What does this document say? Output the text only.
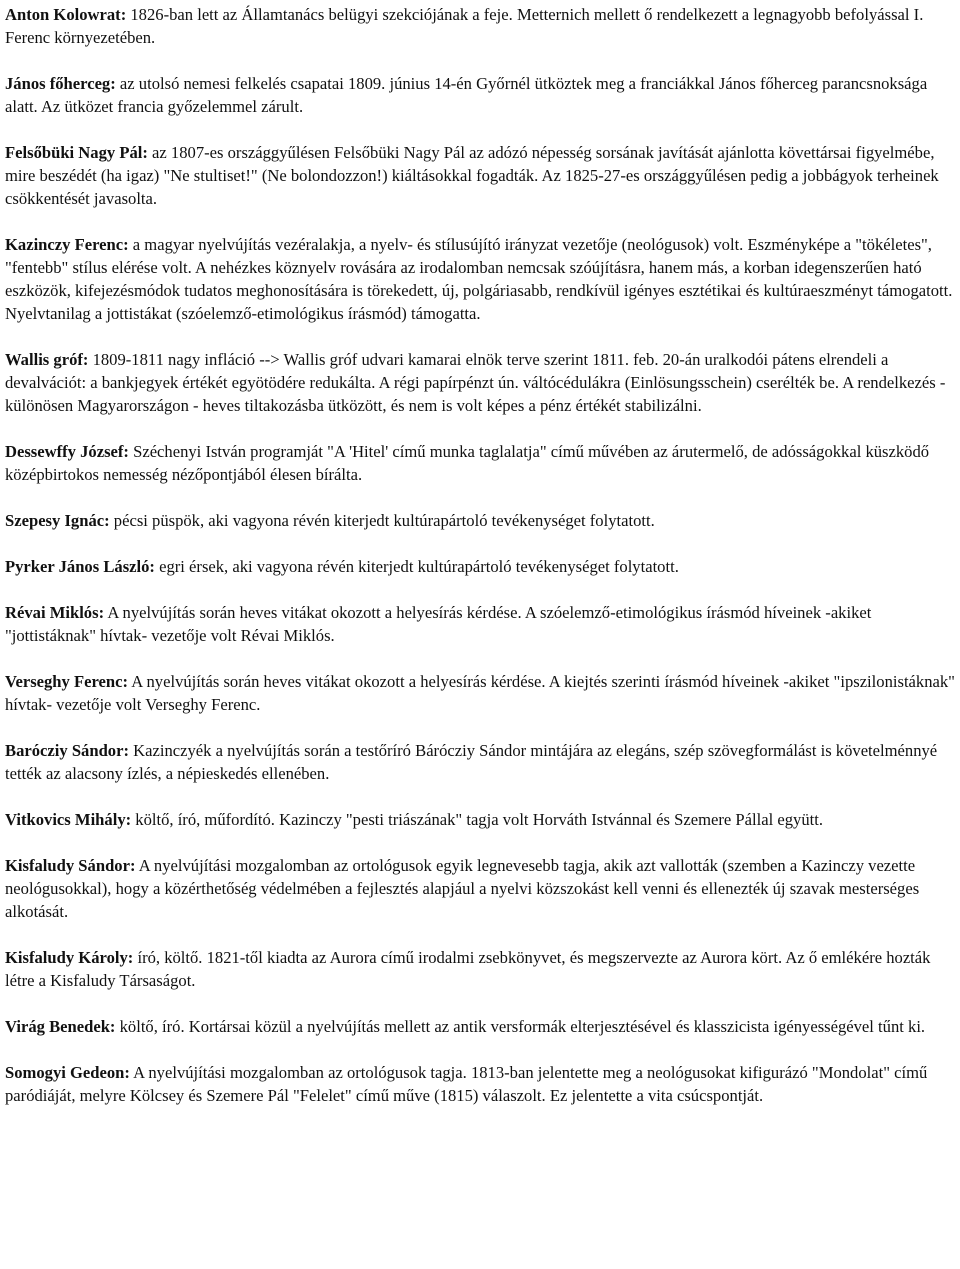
Anton Kolowrat: 1826-ban lett az Államtanács belügyi szekciójának a feje. Metternich mellett ő rendelkezett a legnagyobb befolyással I. Ferenc környezetében.

János főherceg: az utolsó nemesi felkelés csapatai 1809. június 14-én Győrnél ütköztek meg a franciákkal János főherceg parancsnoksága alatt. Az ütközet francia győzelemmel zárult.

Felsőbüki Nagy Pál: az 1807-es országgyűlésen Felsőbüki Nagy Pál az adózó népesség sorsának javítását ajánlotta követtársai figyelmébe, mire beszédét (ha igaz) "Ne stultiset!" (Ne bolondozzon!) kiáltásokkal fogadták. Az 1825-27-es országgyűlésen pedig a jobbágyok terheinek csökkentését javasolta.

Kazinczy Ferenc: a magyar nyelvújítás vezéralakja, a nyelv- és stílusújító irányzat vezetője (neológusok) volt. Eszményképe a "tökéletes", "fentebb" stílus elérése volt. A nehézkes köznyelv rovására az irodalomban nemcsak szóújításra, hanem más, a korban idegenszerűen ható eszközök, kifejezésmódok tudatos meghonosítására is törekedett, új, polgáriasabb, rendkívül igényes esztétikai és kultúraeszményt támogatott. Nyelvtanilag a jottistákat (szóelemző-etimológikus írásmód) támogatta.

Wallis gróf: 1809-1811 nagy infláció --> Wallis gróf udvari kamarai elnök terve szerint 1811. feb. 20-án uralkodói pátens elrendeli a devalvációt: a bankjegyek értékét egyötödére redukálta. A régi papírpénzt ún. váltócédulákra (Einlösungsschein) cserélték be. A rendelkezés - különösen Magyarországon - heves tiltakozásba ütközött, és nem is volt képes a pénz értékét stabilizálni.

Dessewffy József: Széchenyi István programját "A 'Hitel' című munka taglalatja" című művében az árutermelő, de adósságokkal küszködő középbirtokos nemesség nézőpontjából élesen bírálta.

Szepesy Ignác: pécsi püspök, aki vagyona révén kiterjedt kultúrapártoló tevékenységet folytatott.

Pyrker János László: egri érsek, aki vagyona révén kiterjedt kultúrapártoló tevékenységet folytatott.

Révai Miklós: A nyelvújítás során heves vitákat okozott a helyesírás kérdése. A szóelemző-etimológikus írásmód híveinek -akiket "jottistáknak" hívtak- vezetője volt Révai Miklós.

Verseghy Ferenc: A nyelvújítás során heves vitákat okozott a helyesírás kérdése. A kiejtés szerinti írásmód híveinek -akiket "ipszilonistáknak" hívtak- vezetője volt Verseghy Ferenc.

Barócziy Sándor: Kazinczyék a nyelvújítás során a testőríró Bárócziy Sándor mintájára az elegáns, szép szövegformálást is követelménnyé tették az alacsony ízlés, a népieskedés ellenében.

Vitkovics Mihály: költő, író, műfordító. Kazinczy "pesti triászának" tagja volt Horváth Istvánnal és Szemere Pállal együtt.

Kisfaludy Sándor: A nyelvújítási mozgalomban az ortológusok egyik legnevesebb tagja, akik azt vallották (szemben a Kazinczy vezette neológusokkal), hogy a közérthetőség védelmében a fejlesztés alapjául a nyelvi közszokást kell venni és ellenezték új szavak mesterséges alkotását.

Kisfaludy Károly: író, költő. 1821-től kiadta az Aurora című irodalmi zsebkönyvet, és megszervezte az Aurora kört. Az ő emlékére hozták létre a Kisfaludy Társaságot.

Virág Benedek: költő, író. Kortársai közül a nyelvújítás mellett az antik versformák elterjesztésével és klasszicista igényességével tűnt ki.

Somogyi Gedeon: A nyelvújítási mozgalomban az ortológusok tagja. 1813-ban jelentette meg a neológusokat kifigurázó "Mondolat" című paródiáját, melyre Kölcsey és Szemere Pál "Felelet" című műve (1815) válaszolt. Ez jelentette a vita csúcspontját.
